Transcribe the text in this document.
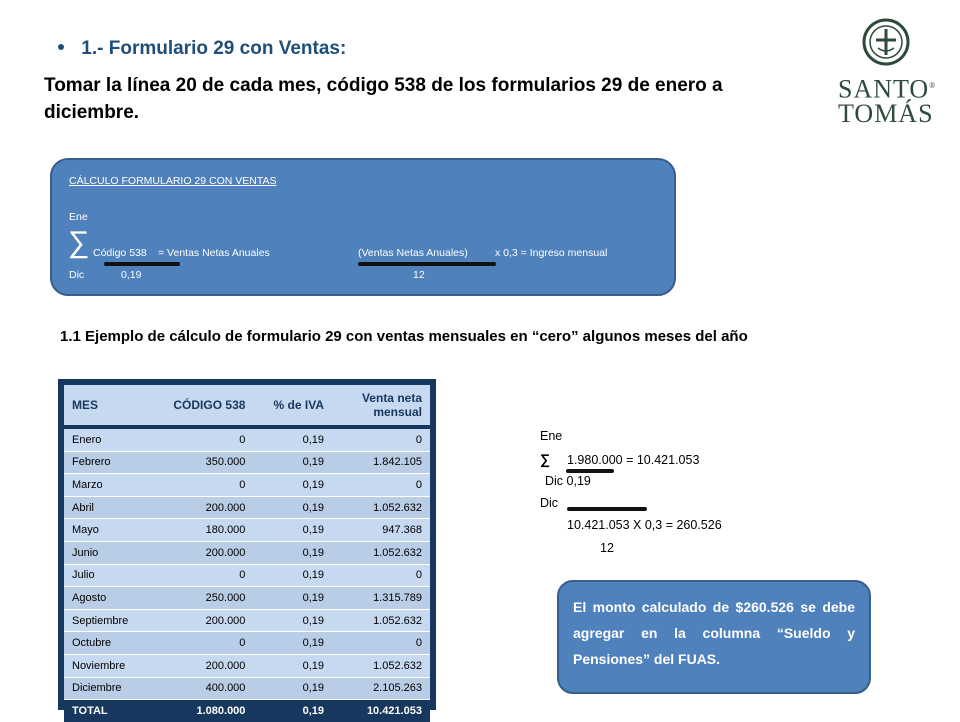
1.- Formulario 29 con Ventas:
Tomar la línea 20 de cada mes, código 538 de los formularios 29 de enero a diciembre.
SANTO®
TOMÁS
CÁLCULO FORMULARIO 29 CON VENTAS
Ene
∑ Código 538 = Ventas Netas Anuales	(Ventas Netas Anuales)	x 0,3 = Ingreso mensual
Dic	0,19	12
1.1 Ejemplo de cálculo de formulario 29 con ventas mensuales en “cero” algunos meses del año
MES	CÓDIGO 538	% de IVA	Venta neta mensual
Enero	0	0,19	0
Febrero	350.000	0,19	1.842.105
Marzo	0	0,19	0
Abril	200.000	0,19	1.052.632
Mayo	180.000	0,19	947.368
Junio	200.000	0,19	1.052.632
Julio	0	0,19	0
Agosto	250.000	0,19	1.315.789
Septiembre	200.000	0,19	1.052.632
Octubre	0	0,19	0
Noviembre	200.000	0,19	1.052.632
Diciembre	400.000	0,19	2.105.263
TOTAL	1.080.000	0,19	10.421.053
Ene
∑ 1.980.000 = 10.421.053
Dic 0,19
Dic
10.421.053 X 0,3 = 260.526
12
El monto calculado de $260.526 se debe agregar en la columna “Sueldo y Pensiones” del FUAS.
